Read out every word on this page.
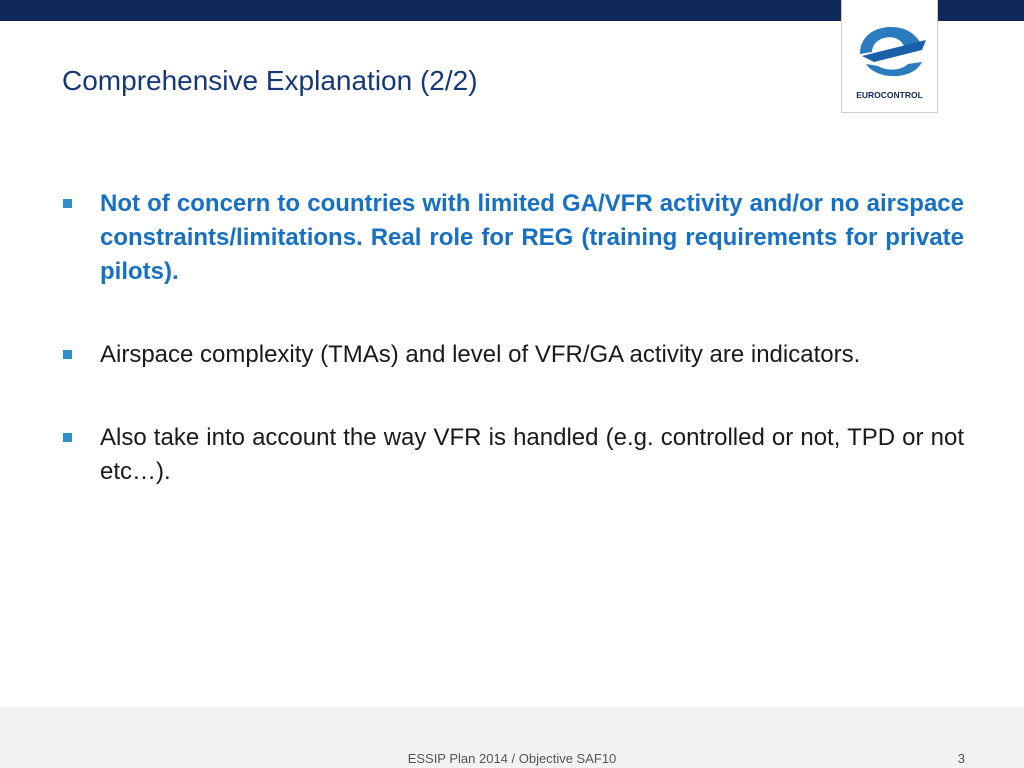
EUROCONTROL
Comprehensive Explanation (2/2)
Not of concern to countries with limited GA/VFR activity and/or no airspace constraints/limitations. Real role for REG (training requirements for private pilots).
Airspace complexity (TMAs) and level of VFR/GA activity are indicators.
Also take into account the way VFR is handled (e.g. controlled or not, TPD or not etc…).
ESSIP Plan 2014 / Objective SAF10	3
